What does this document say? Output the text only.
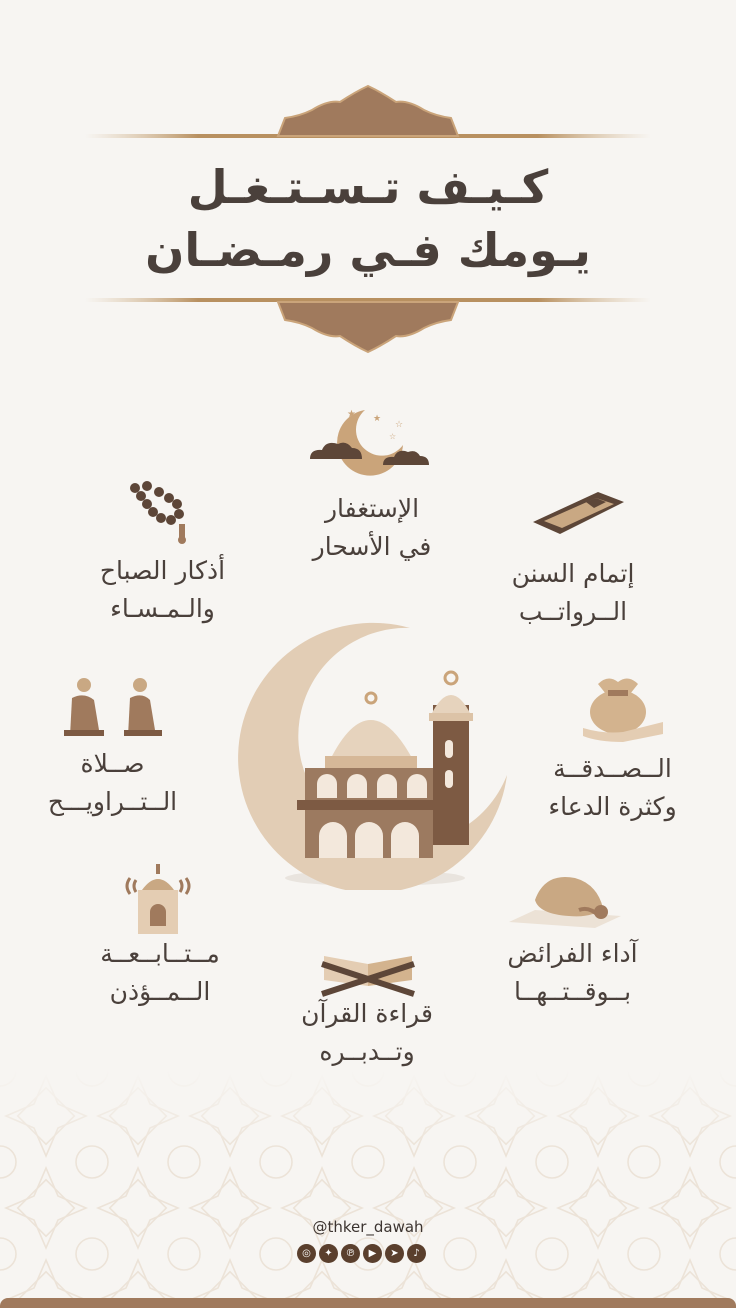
كـيـف تـسـتـغـل
يـومك فـي رمـضـان
★ ★
☆
☆
الإستغفار
في الأسحار
أذكار الصباح
والـمـسـاء
إتمام السنن
الــرواتــب
صــلاة
الــتــراويـــح
الــصــدقــة
وكثرة الدعاء
مــتــابــعــة
الــمــؤذن
آداء الفرائض
بــوقــتــهــا
قراءة القرآن
وتــدبــره
@thker_dawah
◎	✦	℗	▶	➤	♪
